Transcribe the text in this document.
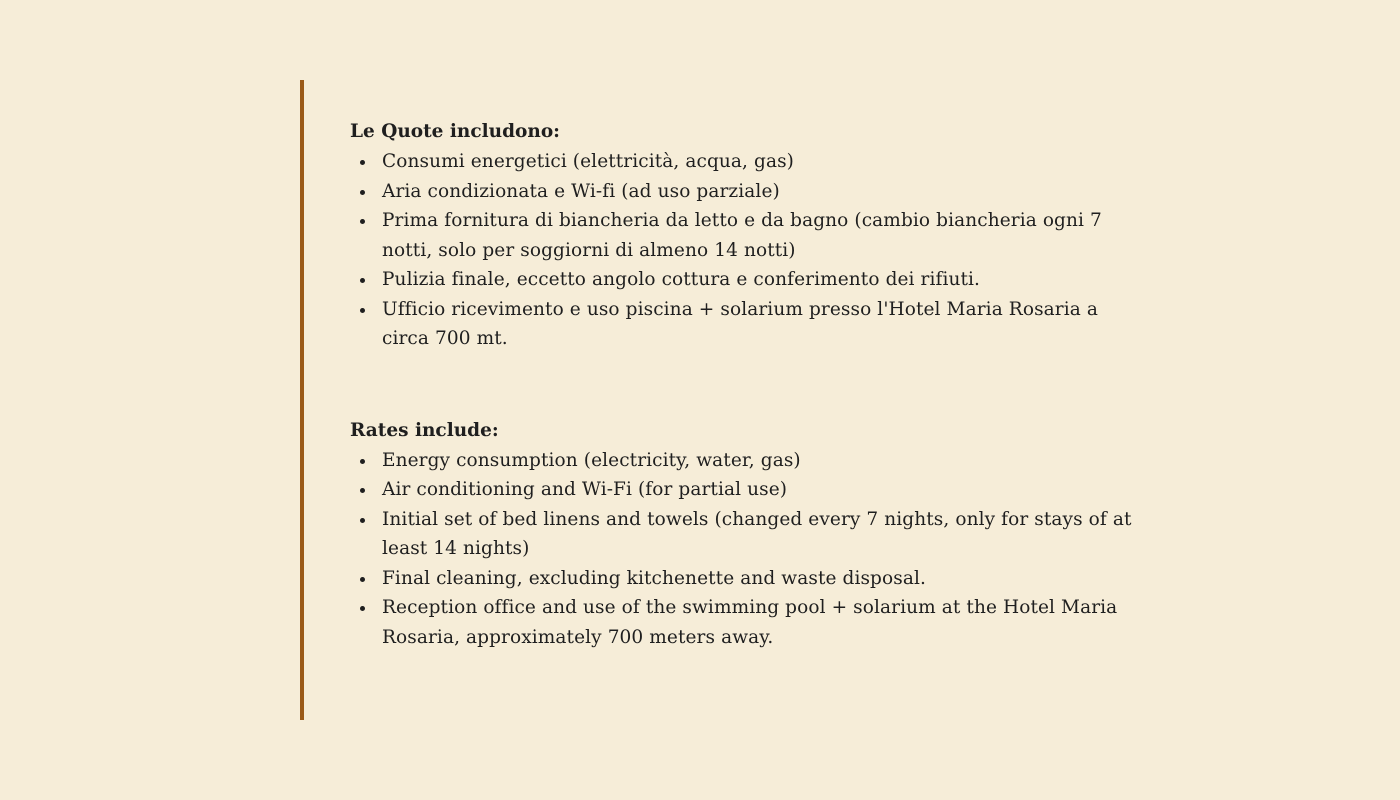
Le Quote includono:
Consumi energetici (elettricità, acqua, gas)
Aria condizionata e Wi-fi (ad uso parziale)
Prima fornitura di biancheria da letto e da bagno (cambio biancheria ogni 7 notti, solo per soggiorni di almeno 14 notti)
Pulizia finale, eccetto angolo cottura e conferimento dei rifiuti.
Ufficio ricevimento e uso piscina + solarium presso l'Hotel Maria Rosaria a circa 700 mt.
Rates include:
Energy consumption (electricity, water, gas)
Air conditioning and Wi-Fi (for partial use)
Initial set of bed linens and towels (changed every 7 nights, only for stays of at least 14 nights)
Final cleaning, excluding kitchenette and waste disposal.
Reception office and use of the swimming pool + solarium at the Hotel Maria Rosaria, approximately 700 meters away.
